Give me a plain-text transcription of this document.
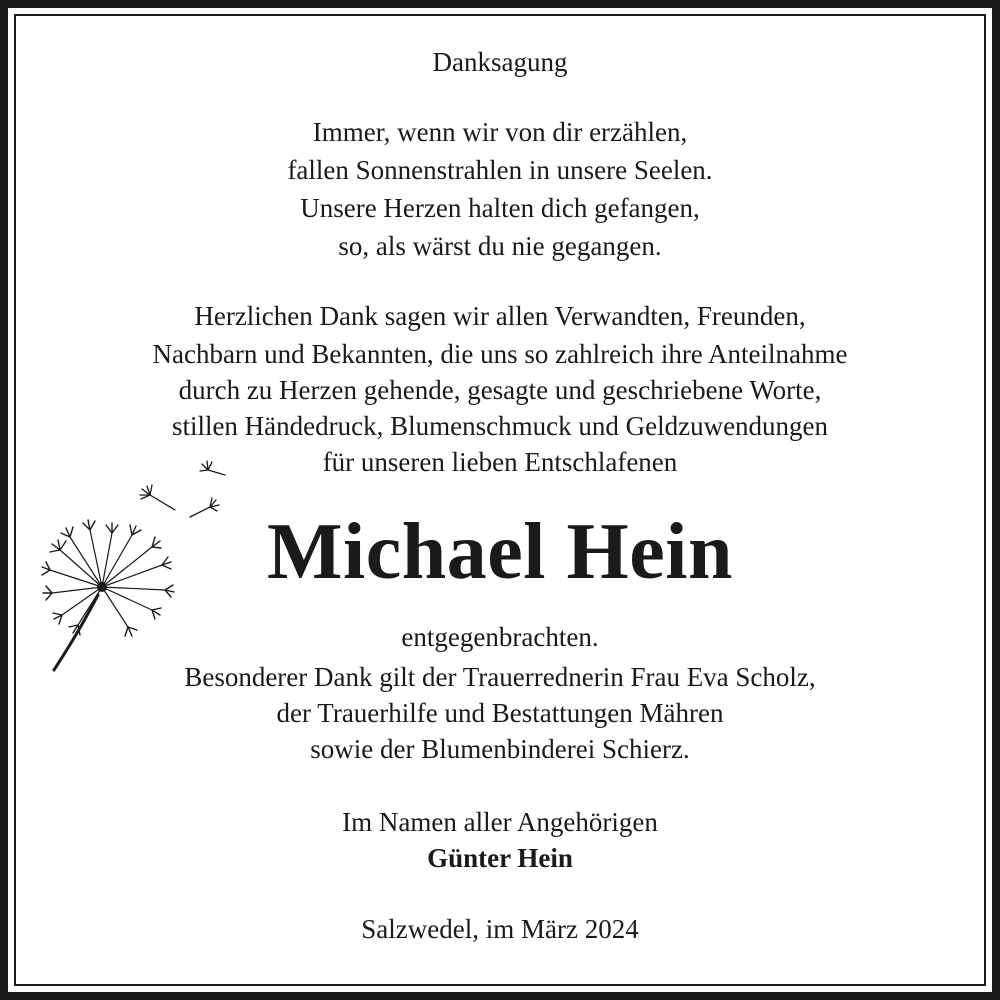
Danksagung
Immer, wenn wir von dir erzählen,
fallen Sonnenstrahlen in unsere Seelen.
Unsere Herzen halten dich gefangen,
so, als wärst du nie gegangen.
Herzlichen Dank sagen wir allen Verwandten, Freunden,
Nachbarn und Bekannten, die uns so zahlreich ihre Anteilnahme
durch zu Herzen gehende, gesagte und geschriebene Worte,
stillen Händedruck, Blumenschmuck und Geldzuwendungen
für unseren lieben Entschlafenen
Michael Hein
entgegenbrachten.
Besonderer Dank gilt der Trauerrednerin Frau Eva Scholz,
der Trauerhilfe und Bestattungen Mähren
sowie der Blumenbinderei Schierz.
Im Namen aller Angehörigen
Günter Hein
Salzwedel, im März 2024
